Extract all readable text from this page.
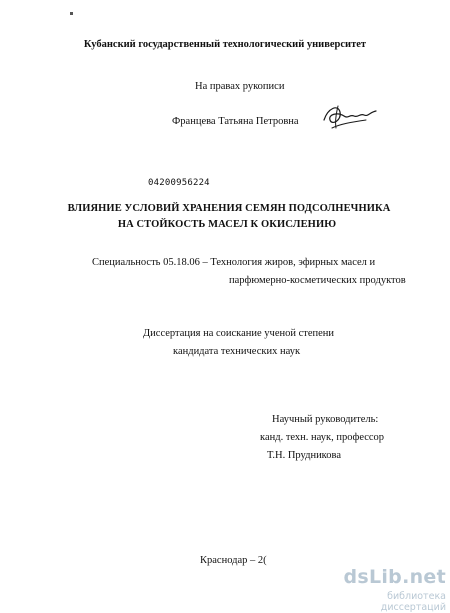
Кубанский государственный технологический университет
На правах рукописи
Францева Татьяна Петровна
04200956224
ВЛИЯНИЕ УСЛОВИЙ ХРАНЕНИЯ СЕМЯН ПОДСОЛНЕЧНИКА
НА СТОЙКОСТЬ МАСЕЛ К ОКИСЛЕНИЮ
Специальность 05.18.06 – Технология жиров, эфирных масел и
парфюмерно-косметических продуктов
Диссертация на соискание ученой степени
кандидата технических наук
Научный руководитель:
канд. техн. наук, профессор
Т.Н. Прудникова
Краснодар – 2(
dsLib.net
библиотека диссертаций
